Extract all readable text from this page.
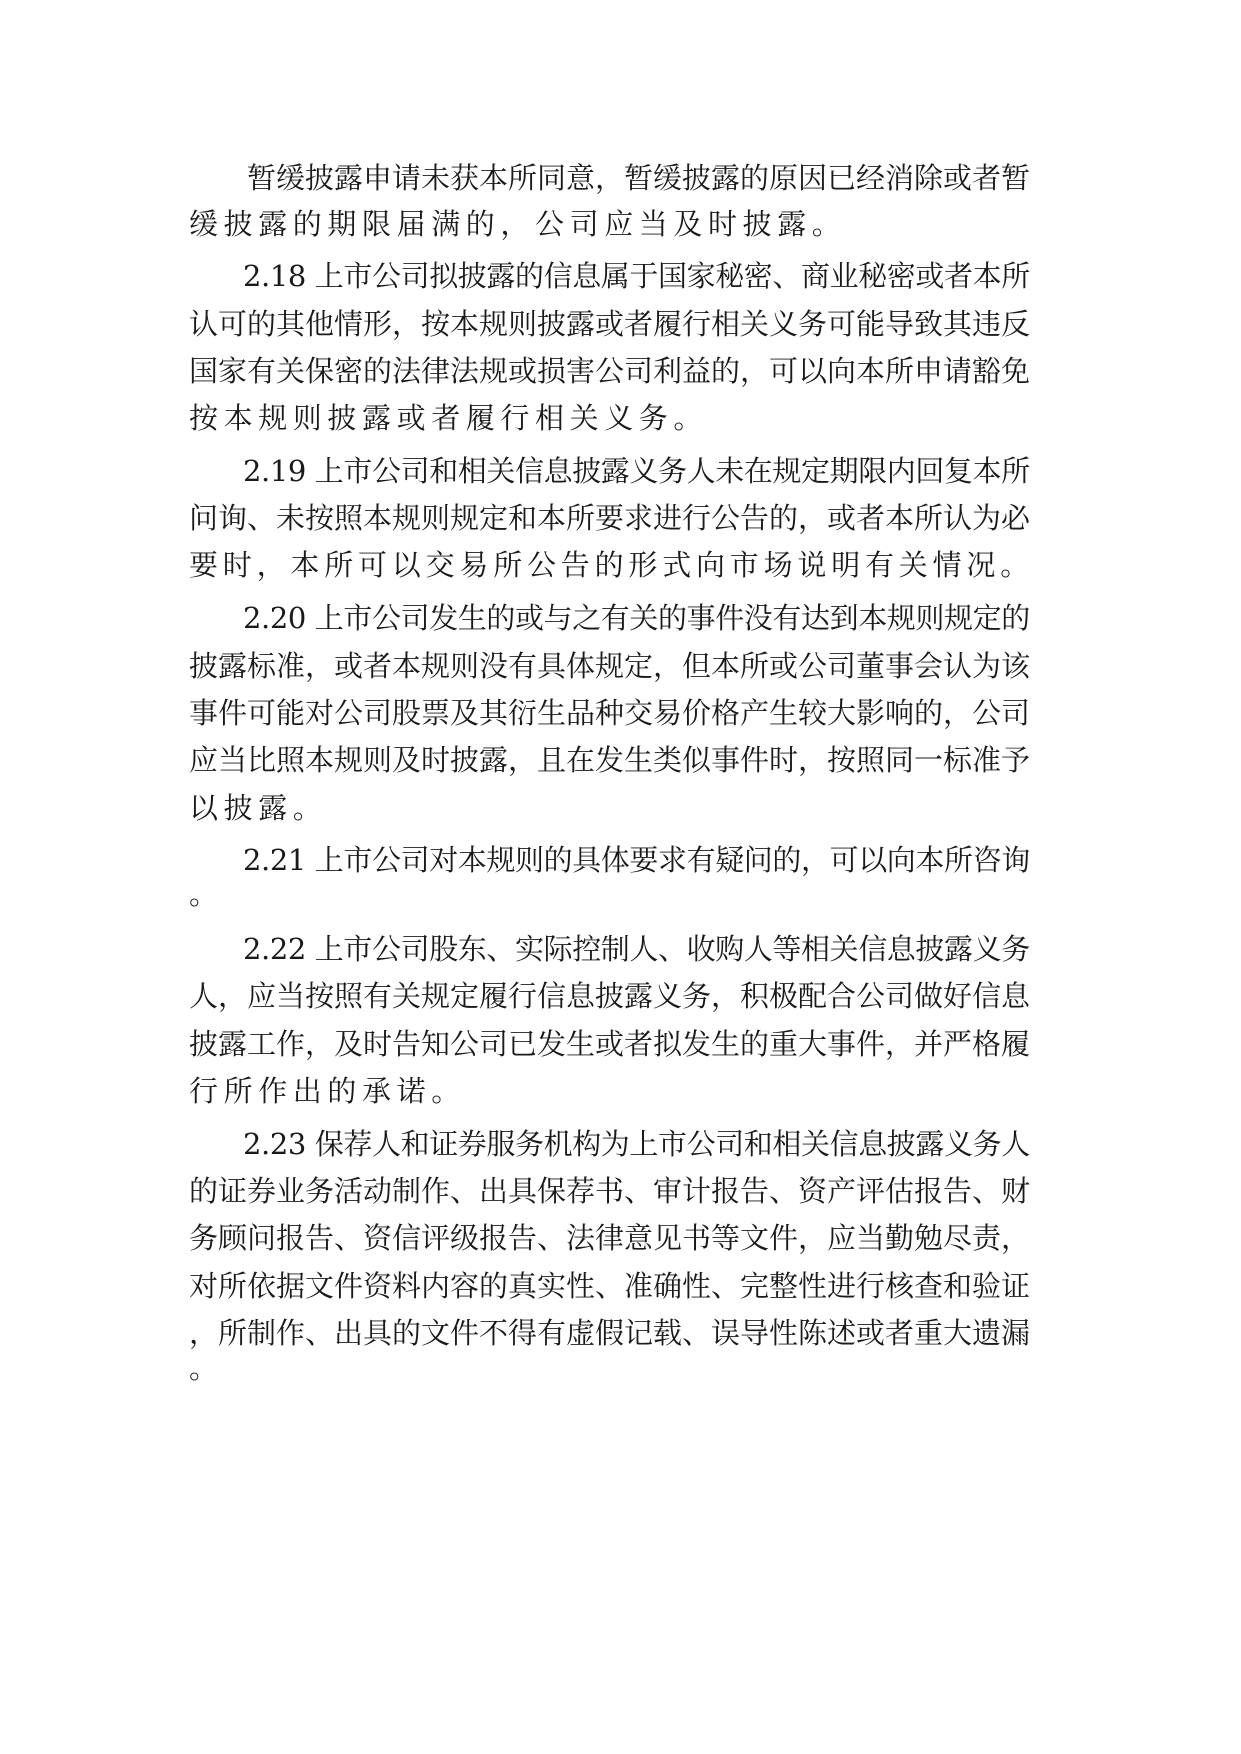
暂缓披露申请未获本所同意，暂缓披露的原因已经消除或者暂
缓披露的期限届满的，公司应当及时披露。
2.18 上市公司拟披露的信息属于国家秘密、商业秘密或者本所
认可的其他情形，按本规则披露或者履行相关义务可能导致其违反
国家有关保密的法律法规或损害公司利益的，可以向本所申请豁免
按本规则披露或者履行相关义务。
2.19 上市公司和相关信息披露义务人未在规定期限内回复本所
问询、未按照本规则规定和本所要求进行公告的，或者本所认为必
要时，本所可以交易所公告的形式向市场说明有关情况。
2.20 上市公司发生的或与之有关的事件没有达到本规则规定的
披露标准，或者本规则没有具体规定，但本所或公司董事会认为该
事件可能对公司股票及其衍生品种交易价格产生较大影响的，公司
应当比照本规则及时披露，且在发生类似事件时，按照同一标准予
以披露。
2.21 上市公司对本规则的具体要求有疑问的，可以向本所咨询
。
2.22 上市公司股东、实际控制人、收购人等相关信息披露义务
人，应当按照有关规定履行信息披露义务，积极配合公司做好信息
披露工作，及时告知公司已发生或者拟发生的重大事件，并严格履
行所作出的承诺。
2.23 保荐人和证券服务机构为上市公司和相关信息披露义务人
的证券业务活动制作、出具保荐书、审计报告、资产评估报告、财
务顾问报告、资信评级报告、法律意见书等文件，应当勤勉尽责，
对所依据文件资料内容的真实性、准确性、完整性进行核查和验证
，所制作、出具的文件不得有虚假记载、误导性陈述或者重大遗漏
。
